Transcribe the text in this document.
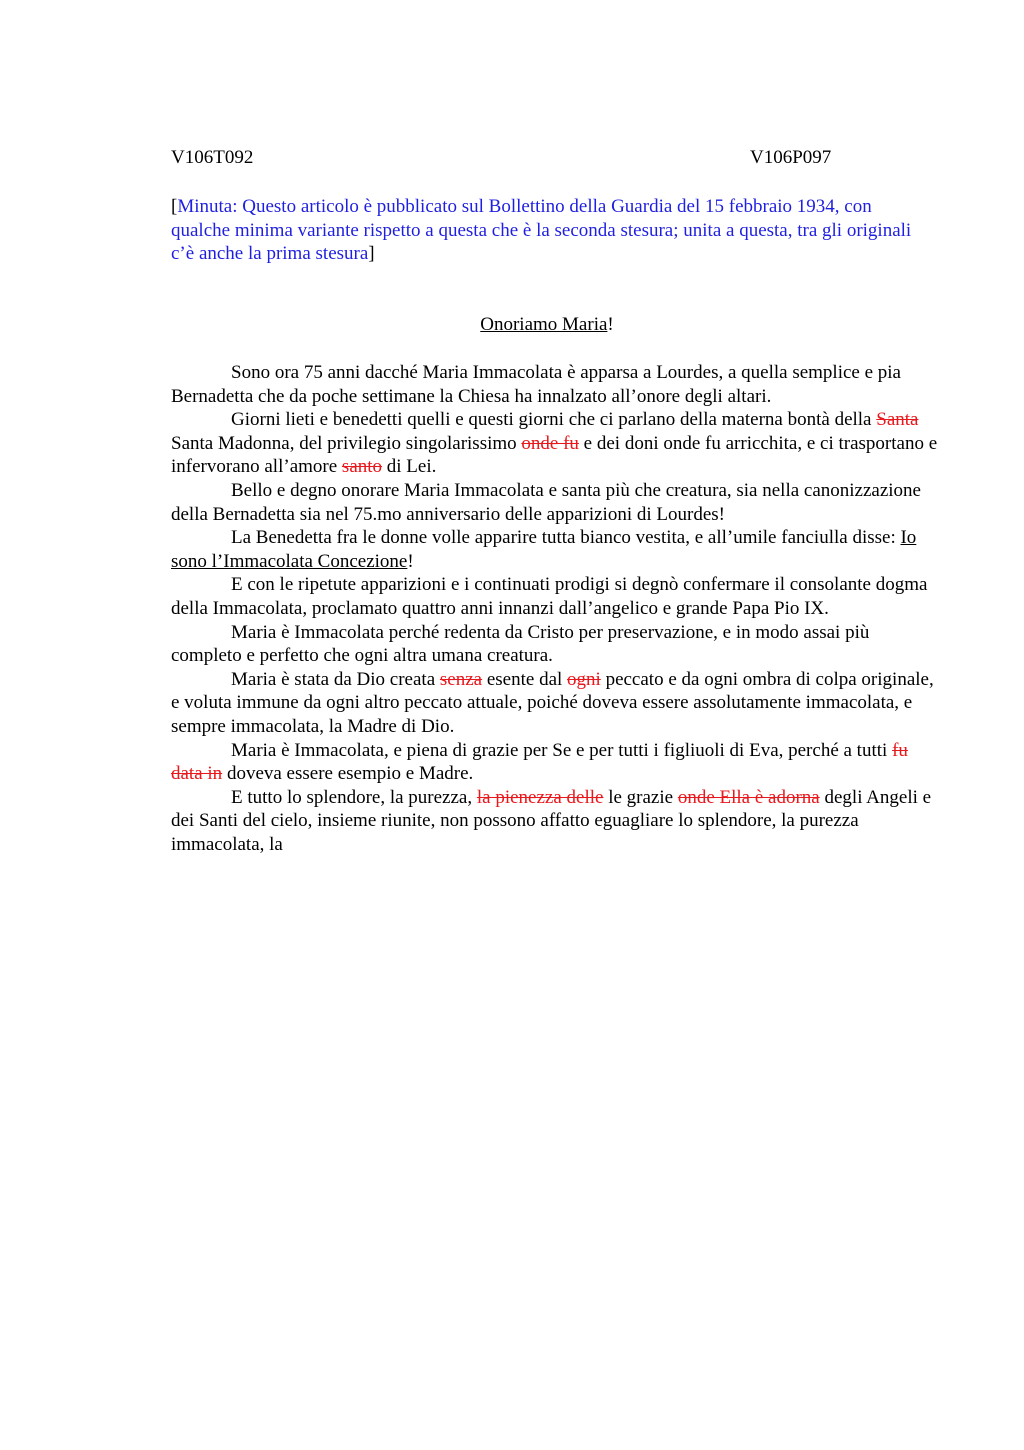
V106T092	V106P097
[Minuta: Questo articolo è pubblicato sul Bollettino della Guardia del 15 febbraio 1934, con qualche minima variante rispetto a questa che è la seconda stesura; unita a questa, tra gli originali c’è anche la prima stesura]
Onoriamo Maria!

Sono ora 75 anni dacché Maria Immacolata è apparsa a Lourdes, a quella semplice e pia Bernadetta che da poche settimane la Chiesa ha innalzato all’onore degli altari.

Giorni lieti e benedetti quelli e questi giorni che ci parlano della materna bontà della Santa Santa Madonna, del privilegio singolarissimo onde fu e dei doni onde fu arricchita, e ci trasportano e infervorano all’amore santo di Lei.

Bello e degno onorare Maria Immacolata e santa più che creatura, sia nella canonizzazione della Bernadetta sia nel 75.mo anniversario delle apparizioni di Lourdes!

La Benedetta fra le donne volle apparire tutta bianco vestita, e all’umile fanciulla disse: Io sono l’Immacolata Concezione!

E con le ripetute apparizioni e i continuati prodigi si degnò confermare il consolante dogma della Immacolata, proclamato quattro anni innanzi dall’angelico e grande Papa Pio IX.

Maria è Immacolata perché redenta da Cristo per preservazione, e in modo assai più completo e perfetto che ogni altra umana creatura.

Maria è stata da Dio creata senza esente dal ogni peccato e da ogni ombra di colpa originale, e voluta immune da ogni altro peccato attuale, poiché doveva essere assolutamente immacolata, e sempre immacolata, la Madre di Dio.

Maria è Immacolata, e piena di grazie per Se e per tutti i figliuoli di Eva, perché a tutti fu data in doveva essere esempio e Madre.

E tutto lo splendore, la purezza, la pienezza delle le grazie onde Ella è adorna degli Angeli e dei Santi del cielo, insieme riunite, non possono affatto eguagliare lo splendore, la purezza immacolata, la
